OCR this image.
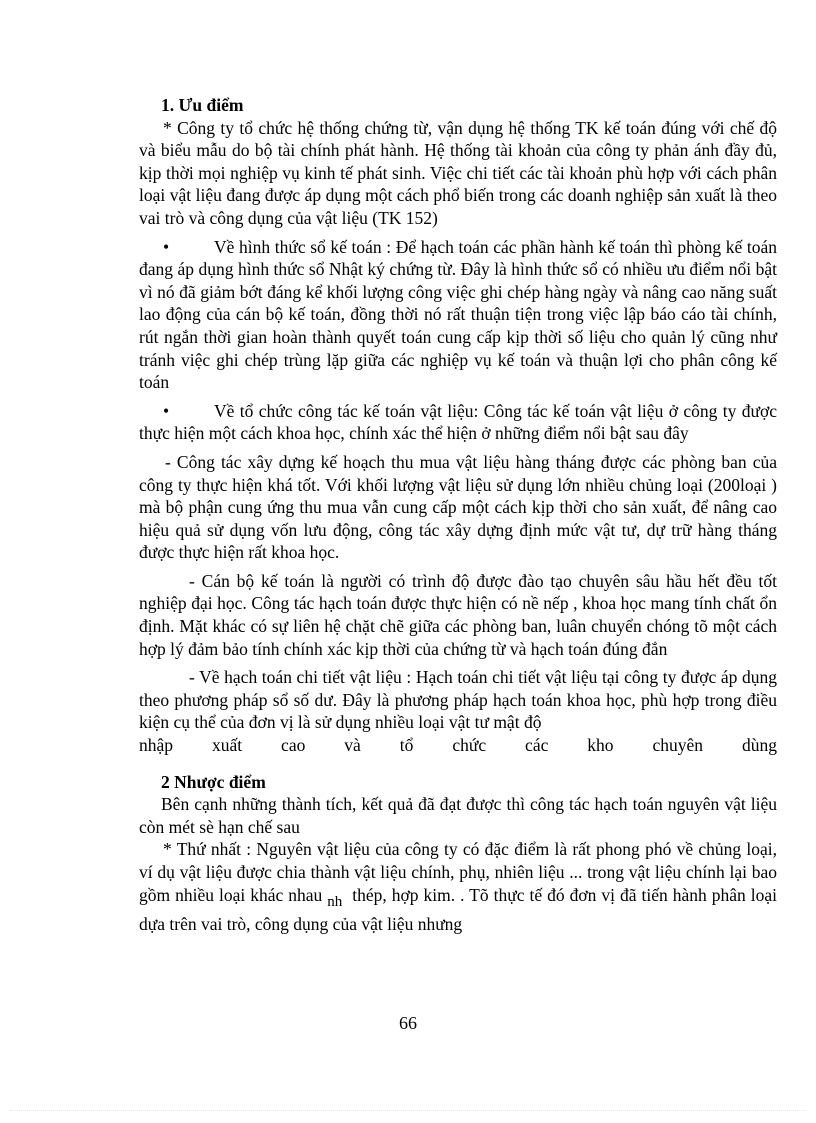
1. Ưu điểm

* Công ty tổ chức hệ thống chứng từ, vận dụng hệ thống TK kế toán đúng với chế độ và biểu mẫu do bộ tài chính phát hành. Hệ thống tài khoản của công ty phản ánh đầy đủ, kịp thời mọi nghiệp vụ kinh tế phát sinh. Việc chi tiết các tài khoản phù hợp với cách phân loại vật liệu đang được áp dụng một cách phổ biến trong các doanh nghiệp sản xuất là theo vai trò và công dụng của vật liệu (TK 152)

•	Về hình thức sổ kế toán : Để hạch toán các phần hành kế toán thì phòng kế toán đang áp dụng hình thức sổ Nhật ký chứng từ. Đây là hình thức sổ có nhiều ưu điểm nổi bật vì nó đã giảm bớt đáng kể khối lượng công việc ghi chép hàng ngày và nâng cao năng suất lao động của cán bộ kế toán, đồng thời nó rất thuận tiện trong việc lập báo cáo tài chính, rút ngắn thời gian hoàn thành quyết toán cung cấp kịp thời số liệu cho quản lý cũng như tránh việc ghi chép trùng lặp giữa các nghiệp vụ kế toán và thuận lợi cho phân công kế toán

•	Về tổ chức công tác kế toán vật liệu: Công tác kế toán vật liệu ở công ty được thực hiện một cách khoa học, chính xác thể hiện ở những điểm nổi bật sau đây

- Công tác xây dựng kế hoạch thu mua vật liệu hàng tháng được các phòng ban của công ty thực hiện khá tốt. Với khối lượng vật liệu sử dụng lớn nhiều chủng loại (200loại ) mà bộ phận cung ứng thu mua vẫn cung cấp một cách kịp thời cho sản xuất, để nâng cao hiệu quả sử dụng vốn lưu động, công tác xây dựng định mức vật tư, dự trữ hàng tháng được thực hiện rất khoa học.

- Cán bộ kế toán là người có trình độ được đào tạo chuyên sâu hầu hết đều tốt nghiệp đại học. Công tác hạch toán được thực hiện có nề nếp , khoa học mang tính chất ổn định. Mặt khác có sự liên hệ chặt chẽ giữa các phòng ban, luân chuyển chóng tõ một cách hợp lý đảm bảo tính chính xác kịp thời của chứng từ và hạch toán đúng đắn

- Về hạch toán chi tiết vật liệu : Hạch toán chi tiết vật liệu tại công ty được áp dụng theo phương pháp sổ số dư. Đây là phương pháp hạch toán khoa học, phù hợp trong điều kiện cụ thể của đơn vị là sử dụng nhiều loại vật tư mật độ

nhập xuất cao và tổ chức các kho chuyên dùng

2 Nhược điểm

Bên cạnh những thành tích, kết quả đã đạt được thì công tác hạch toán nguyên vật liệu còn mét sè hạn chế sau

* Thứ nhất : Nguyên vật liệu của công ty có đặc điểm là rất phong phó về chủng loại, ví dụ vật liệu được chia thành vật liệu chính, phụ, nhiên liệu ... trong vật liệu chính lại bao gồm nhiều loại khác nhau nh thép, hợp kim. . Tõ thực tế đó đơn vị đã tiến hành phân loại dựa trên vai trò, công dụng của vật liệu nhưng

66
